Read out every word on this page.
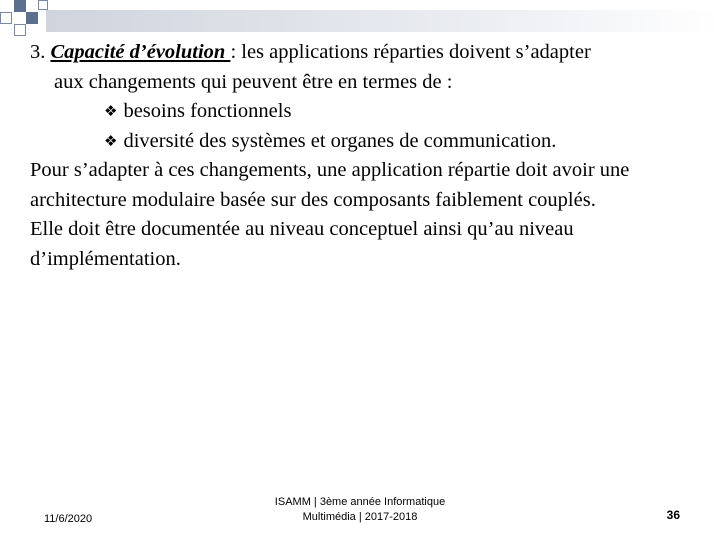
3. Capacité d’évolution : les applications réparties doivent s’adapter
aux changements qui peuvent être en termes de :
❖ besoins fonctionnels
❖ diversité des systèmes et organes de communication.
Pour s’adapter à ces changements, une application répartie doit avoir une
architecture modulaire basée sur des composants faiblement couplés.
Elle doit être documentée au niveau conceptuel ainsi qu’au niveau
d’implémentation.
11/6/2020
ISAMM | 3ème année Informatique
Multimédia | 2017-2018	36
